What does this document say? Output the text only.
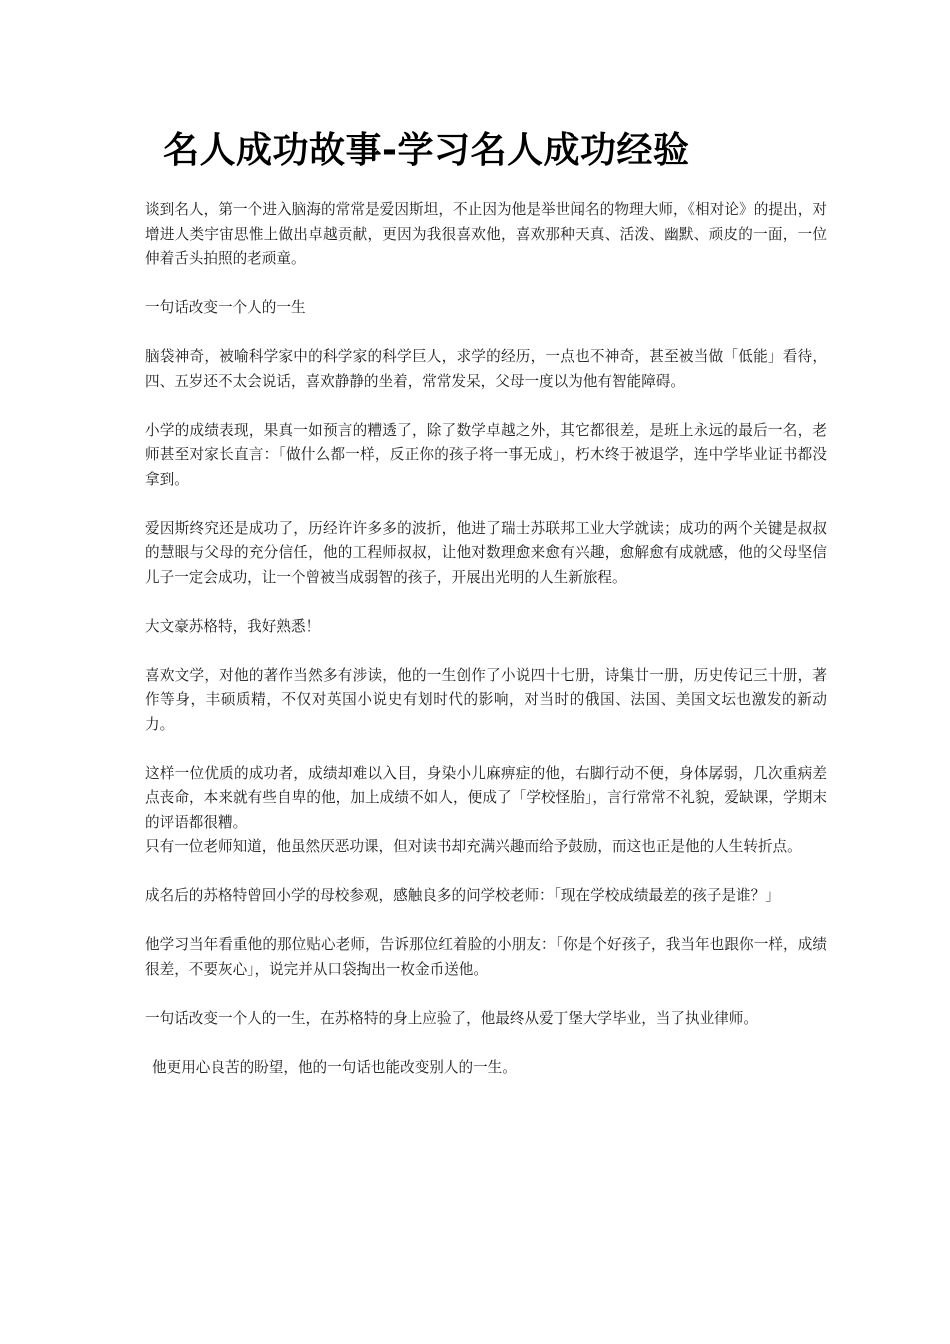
名人成功故事-学习名人成功经验

谈到名人，第一个进入脑海的常常是爱因斯坦，不止因为他是举世闻名的物理大师，《相对论》的提出，对增进人类宇宙思惟上做出卓越贡献，更因为我很喜欢他，喜欢那种天真、活泼、幽默、顽皮的一面，一位伸着舌头拍照的老顽童。

一句话改变一个人的一生

脑袋神奇，被喻科学家中的科学家的科学巨人，求学的经历，一点也不神奇，甚至被当做「低能」看待，四、五岁还不太会说话，喜欢静静的坐着，常常发呆，父母一度以为他有智能障碍。

小学的成绩表现，果真一如预言的糟透了，除了数学卓越之外，其它都很差，是班上永远的最后一名，老师甚至对家长直言：「做什么都一样，反正你的孩子将一事无成」，朽木终于被退学，连中学毕业证书都没拿到。

爱因斯终究还是成功了，历经许许多多的波折，他进了瑞士苏联邦工业大学就读；成功的两个关键是叔叔的慧眼与父母的充分信任，他的工程师叔叔，让他对数理愈来愈有兴趣，愈解愈有成就感，他的父母坚信儿子一定会成功，让一个曾被当成弱智的孩子，开展出光明的人生新旅程。

大文豪苏格特，我好熟悉！

喜欢文学，对他的著作当然多有涉读，他的一生创作了小说四十七册，诗集廿一册，历史传记三十册，著作等身，丰硕质精，不仅对英国小说史有划时代的影响，对当时的俄国、法国、美国文坛也激发的新动力。

这样一位优质的成功者，成绩却难以入目，身染小儿麻痹症的他，右脚行动不便，身体孱弱，几次重病差点丧命，本来就有些自卑的他，加上成绩不如人，便成了「学校怪胎」，言行常常不礼貌，爱缺课，学期末的评语都很糟。

只有一位老师知道，他虽然厌恶功课，但对读书却充满兴趣而给予鼓励，而这也正是他的人生转折点。

成名后的苏格特曾回小学的母校参观，感触良多的问学校老师：「现在学校成绩最差的孩子是谁？」

他学习当年看重他的那位贴心老师，告诉那位红着脸的小朋友：「你是个好孩子，我当年也跟你一样，成绩很差，不要灰心」，说完并从口袋掏出一枚金币送他。

一句话改变一个人的一生，在苏格特的身上应验了，他最终从爱丁堡大学毕业，当了执业律师。

他更用心良苦的盼望，他的一句话也能改变别人的一生。
